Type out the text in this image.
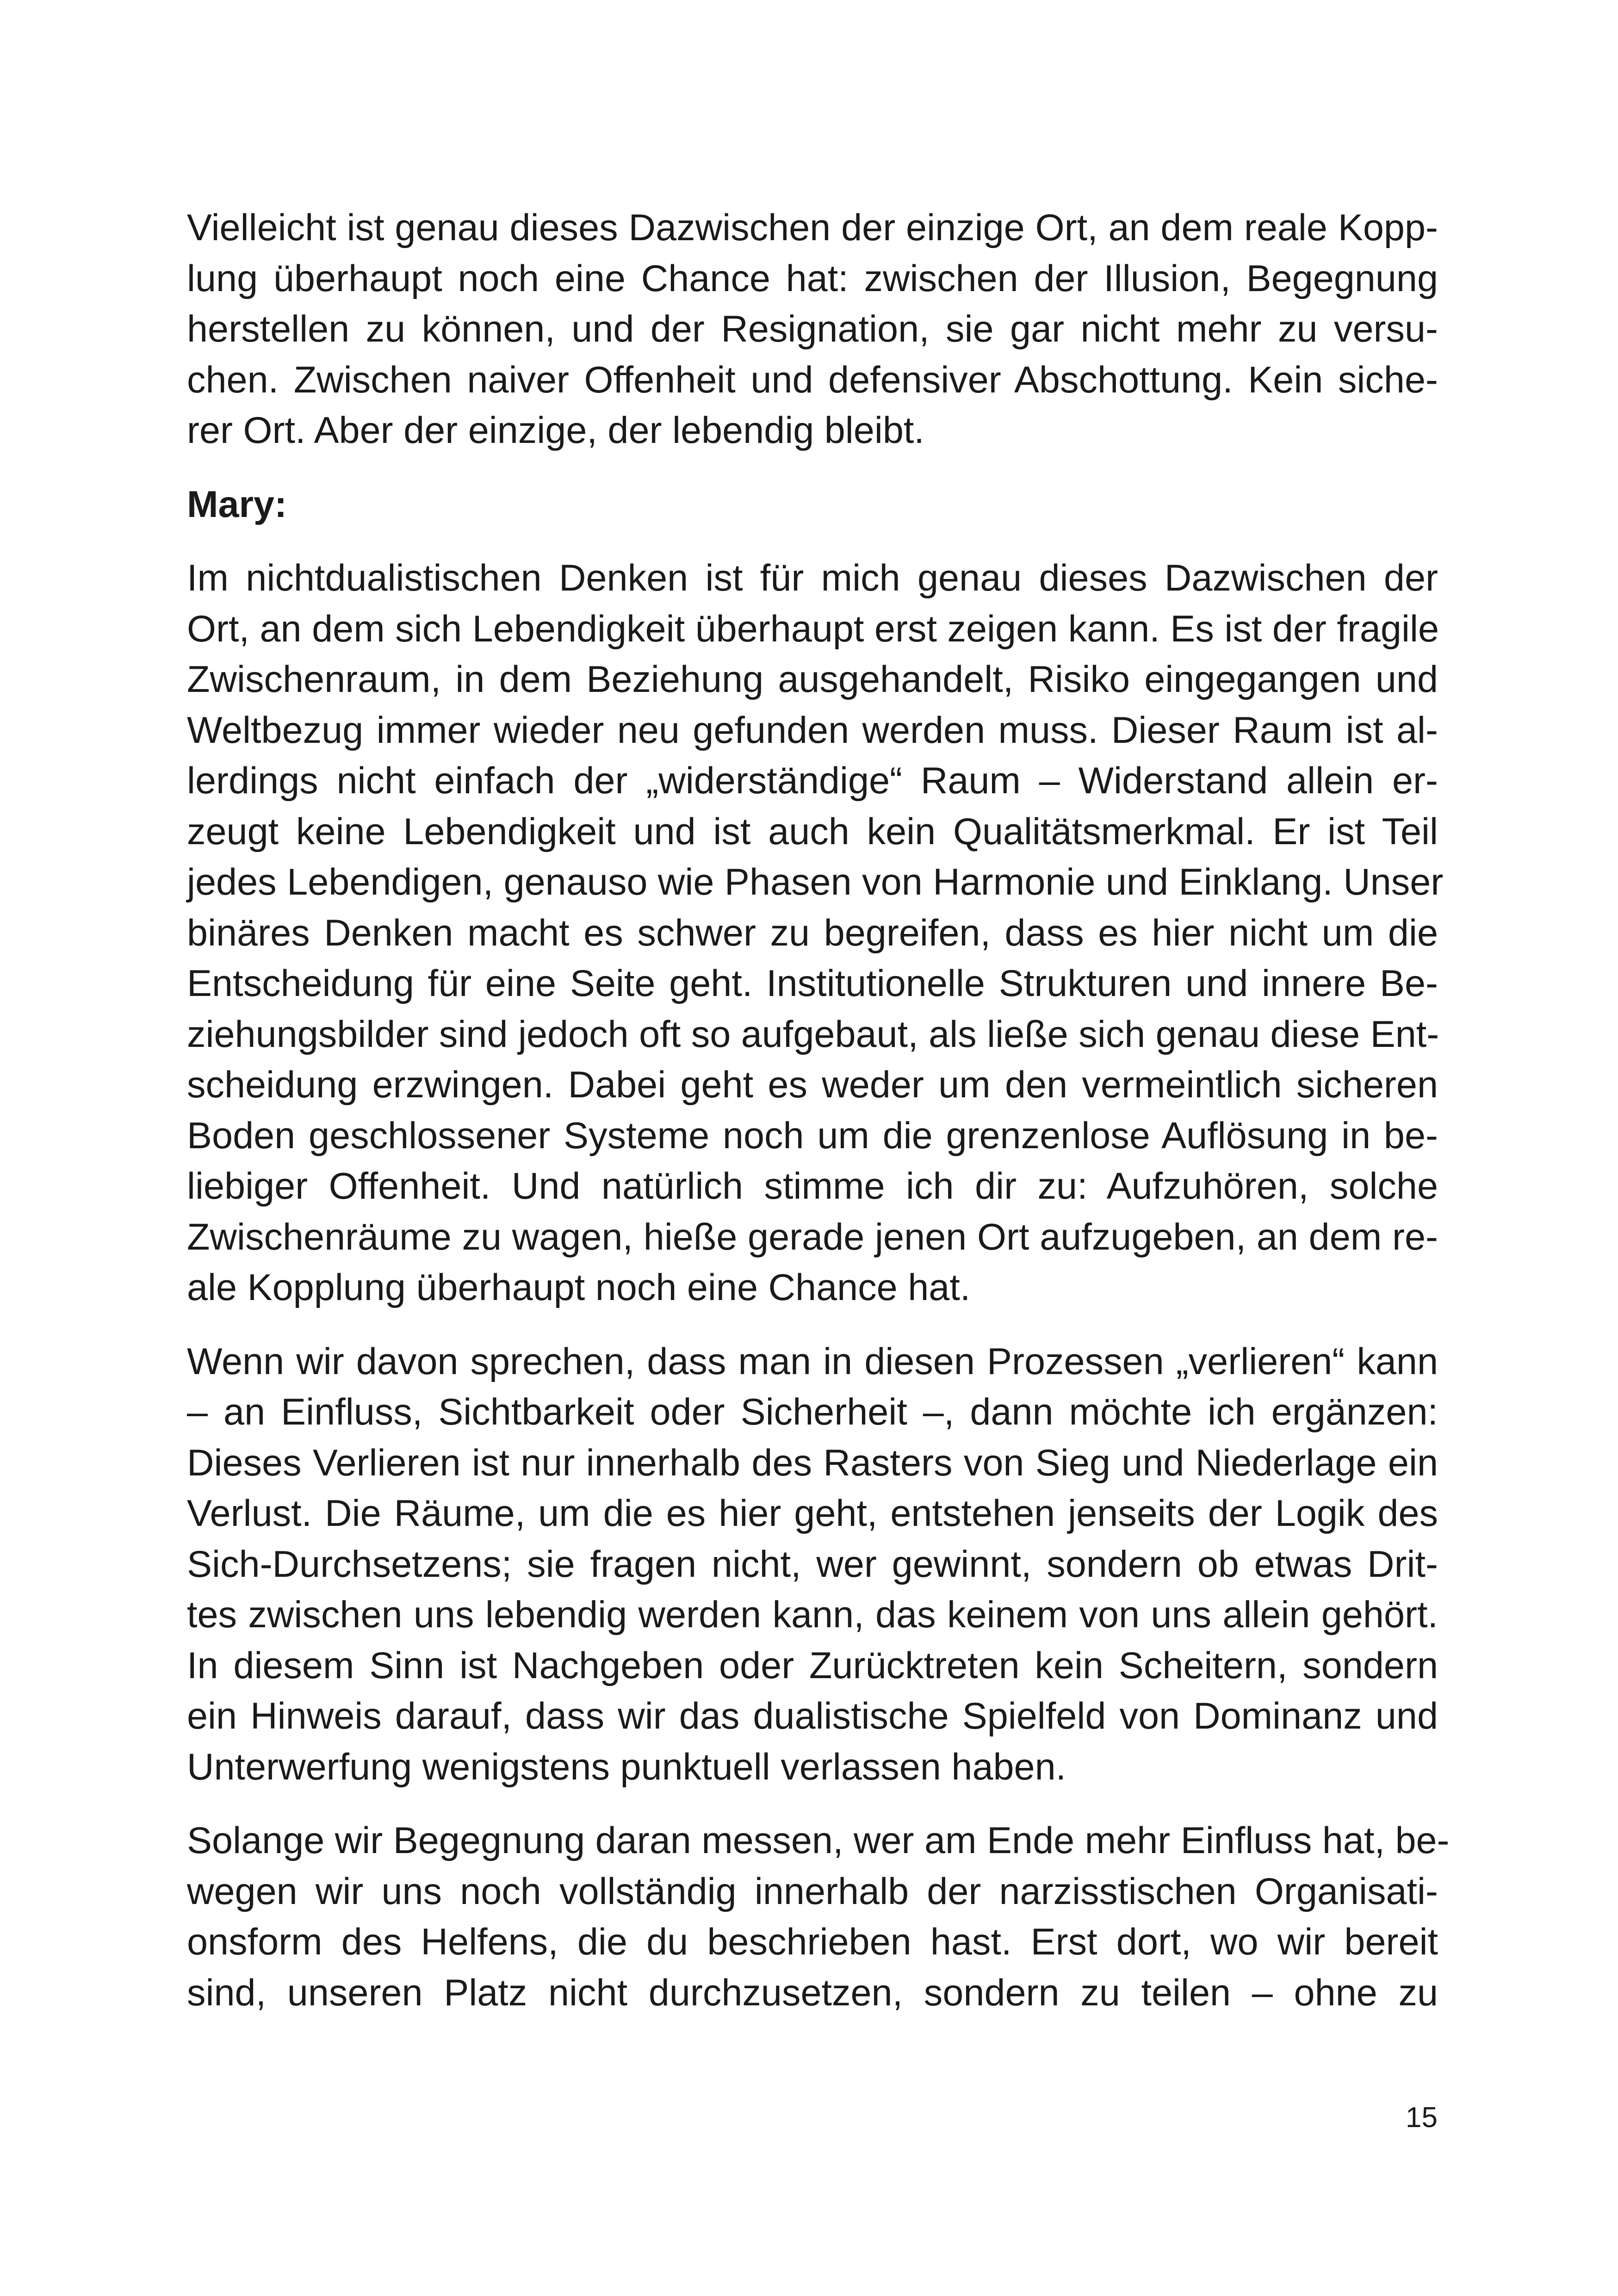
Vielleicht ist genau dieses Dazwischen der einzige Ort, an dem reale Kopp-
lung überhaupt noch eine Chance hat: zwischen der Illusion, Begegnung
herstellen zu können, und der Resignation, sie gar nicht mehr zu versu-
chen. Zwischen naiver Offenheit und defensiver Abschottung. Kein siche-
rer Ort. Aber der einzige, der lebendig bleibt.
Mary:
Im nichtdualistischen Denken ist für mich genau dieses Dazwischen der
Ort, an dem sich Lebendigkeit überhaupt erst zeigen kann. Es ist der fragile
Zwischenraum, in dem Beziehung ausgehandelt, Risiko eingegangen und
Weltbezug immer wieder neu gefunden werden muss. Dieser Raum ist al-
lerdings nicht einfach der „widerständige“ Raum – Widerstand allein er-
zeugt keine Lebendigkeit und ist auch kein Qualitätsmerkmal. Er ist Teil
jedes Lebendigen, genauso wie Phasen von Harmonie und Einklang. Unser
binäres Denken macht es schwer zu begreifen, dass es hier nicht um die
Entscheidung für eine Seite geht. Institutionelle Strukturen und innere Be-
ziehungsbilder sind jedoch oft so aufgebaut, als ließe sich genau diese Ent-
scheidung erzwingen. Dabei geht es weder um den vermeintlich sicheren
Boden geschlossener Systeme noch um die grenzenlose Auflösung in be-
liebiger Offenheit. Und natürlich stimme ich dir zu: Aufzuhören, solche
Zwischenräume zu wagen, hieße gerade jenen Ort aufzugeben, an dem re-
ale Kopplung überhaupt noch eine Chance hat.
Wenn wir davon sprechen, dass man in diesen Prozessen „verlieren“ kann
– an Einfluss, Sichtbarkeit oder Sicherheit –, dann möchte ich ergänzen:
Dieses Verlieren ist nur innerhalb des Rasters von Sieg und Niederlage ein
Verlust. Die Räume, um die es hier geht, entstehen jenseits der Logik des
Sich-Durchsetzens; sie fragen nicht, wer gewinnt, sondern ob etwas Drit-
tes zwischen uns lebendig werden kann, das keinem von uns allein gehört.
In diesem Sinn ist Nachgeben oder Zurücktreten kein Scheitern, sondern
ein Hinweis darauf, dass wir das dualistische Spielfeld von Dominanz und
Unterwerfung wenigstens punktuell verlassen haben.
Solange wir Begegnung daran messen, wer am Ende mehr Einfluss hat, be-
wegen wir uns noch vollständig innerhalb der narzisstischen Organisati-
onsform des Helfens, die du beschrieben hast. Erst dort, wo wir bereit
sind, unseren Platz nicht durchzusetzen, sondern zu teilen – ohne zu
15
